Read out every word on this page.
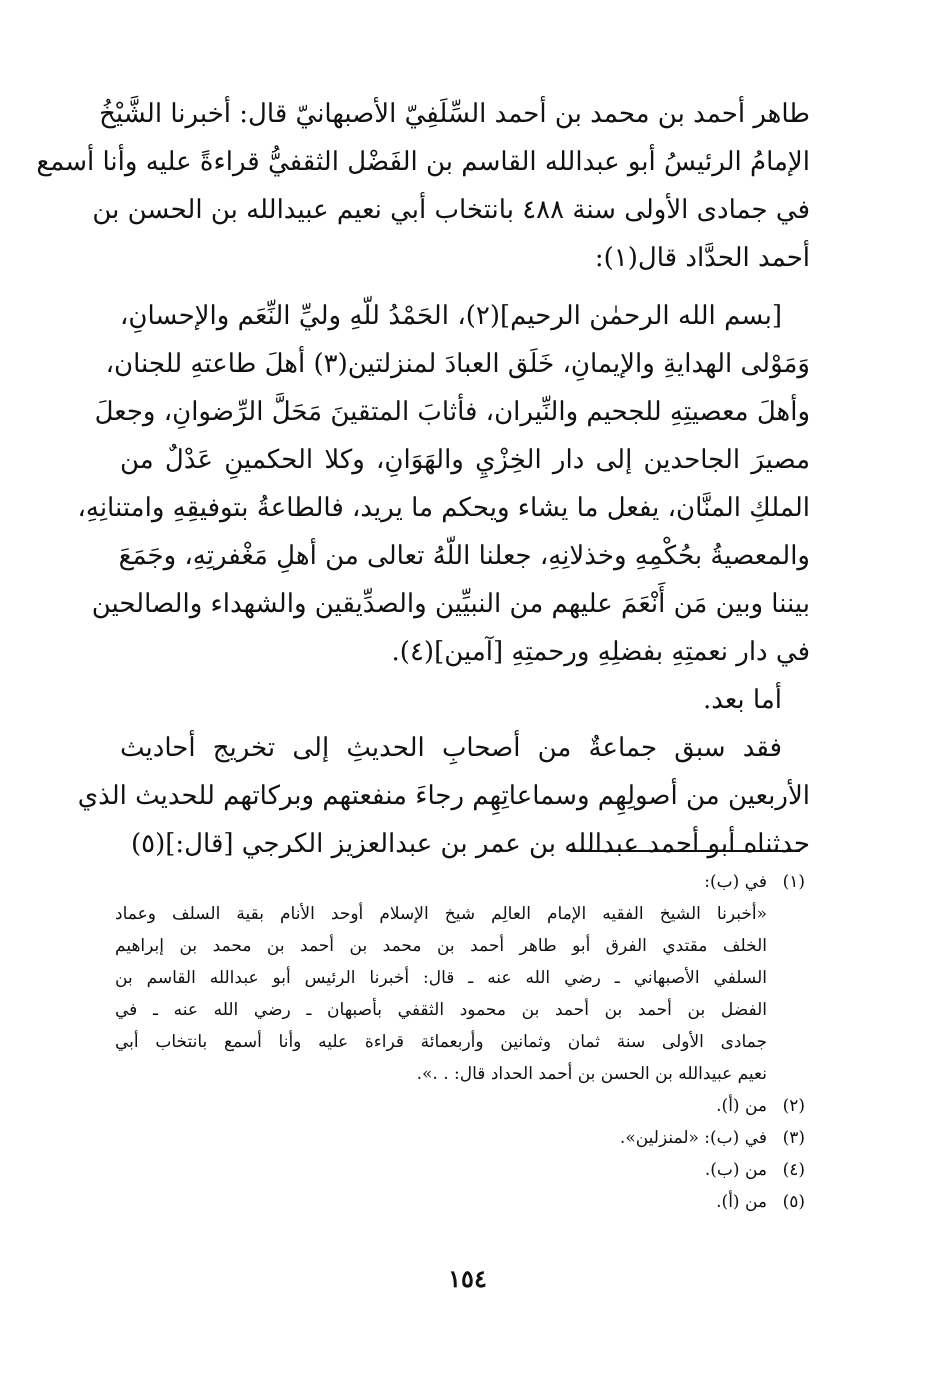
طاهر أحمد بن محمد بن أحمد السِّلَفِيّ الأصبهانيّ قال: أخبرنا الشَّيْخُ
الإمامُ الرئيسُ أبو عبدالله القاسم بن الفَضْل الثقفيُّ قراءةً عليه وأنا أسمع
في جمادى الأولى سنة ٤٨٨ بانتخاب أبي نعيم عبيدالله بن الحسن بن
أحمد الحدَّاد قال(١):
[بسم الله الرحمٰن الرحيم](٢)، الحَمْدُ للّهِ وليِّ النِّعَم والإحسانِ،
وَمَوْلى الهدايةِ والإيمانِ، خَلَق العبادَ لمنزلتين(٣) أهلَ طاعتهِ للجنان،
وأهلَ معصيتِهِ للجحيم والنِّيران، فأثابَ المتقينَ مَحَلَّ الرِّضوانِ، وجعلَ
مصيرَ الجاحدين إلى دار الخِزْيِ والهَوَانِ، وكلا الحكمينِ عَدْلٌ من
الملكِ المنَّان، يفعل ما يشاء ويحكم ما يريد، فالطاعةُ بتوفيقِهِ وامتنانِهِ،
والمعصيةُ بحُكْمِهِ وخذلانِهِ، جعلنا اللّهُ تعالى من أهلِ مَغْفرتِهِ، وجَمَعَ
بيننا وبين مَن أَنْعَمَ عليهم من النبيِّين والصدِّيقين والشهداء والصالحين
في دار نعمتِهِ بفضلِهِ ورحمتِهِ [آمين](٤).
أما بعد.
فقد سبق جماعةٌ من أصحابِ الحديثِ إلى تخريج أحاديث
الأربعين من أصولِهِم وسماعاتِهِم رجاءَ منفعتهم وبركاتهم للحديث الذي
حدثناه أبو أحمد عبدالله بن عمر بن عبدالعزيز الكرجي [قال:](٥)
(١)
في (ب):
«أخبرنا الشيخ الفقيه الإمام العالِم شيخ الإسلام أوحد الأنام بقية السلف وعماد
الخلف مقتدي الفرق أبو طاهر أحمد بن محمد بن أحمد بن محمد بن إبراهيم
السلفي الأصبهاني ـ رضي الله عنه ـ قال: أخبرنا الرئيس أبو عبدالله القاسم بن
الفضل بن أحمد بن أحمد بن محمود الثقفي بأصبهان ـ رضي الله عنه ـ في
جمادى الأولى سنة ثمان وثمانين وأربعمائة قراءة عليه وأنا أسمع بانتخاب أبي
نعيم عبيدالله بن الحسن بن أحمد الحداد قال: . .».
(٢)
من (أ).
(٣)
في (ب): «لمنزلين».
(٤)
من (ب).
(٥)
من (أ).
١٥٤
